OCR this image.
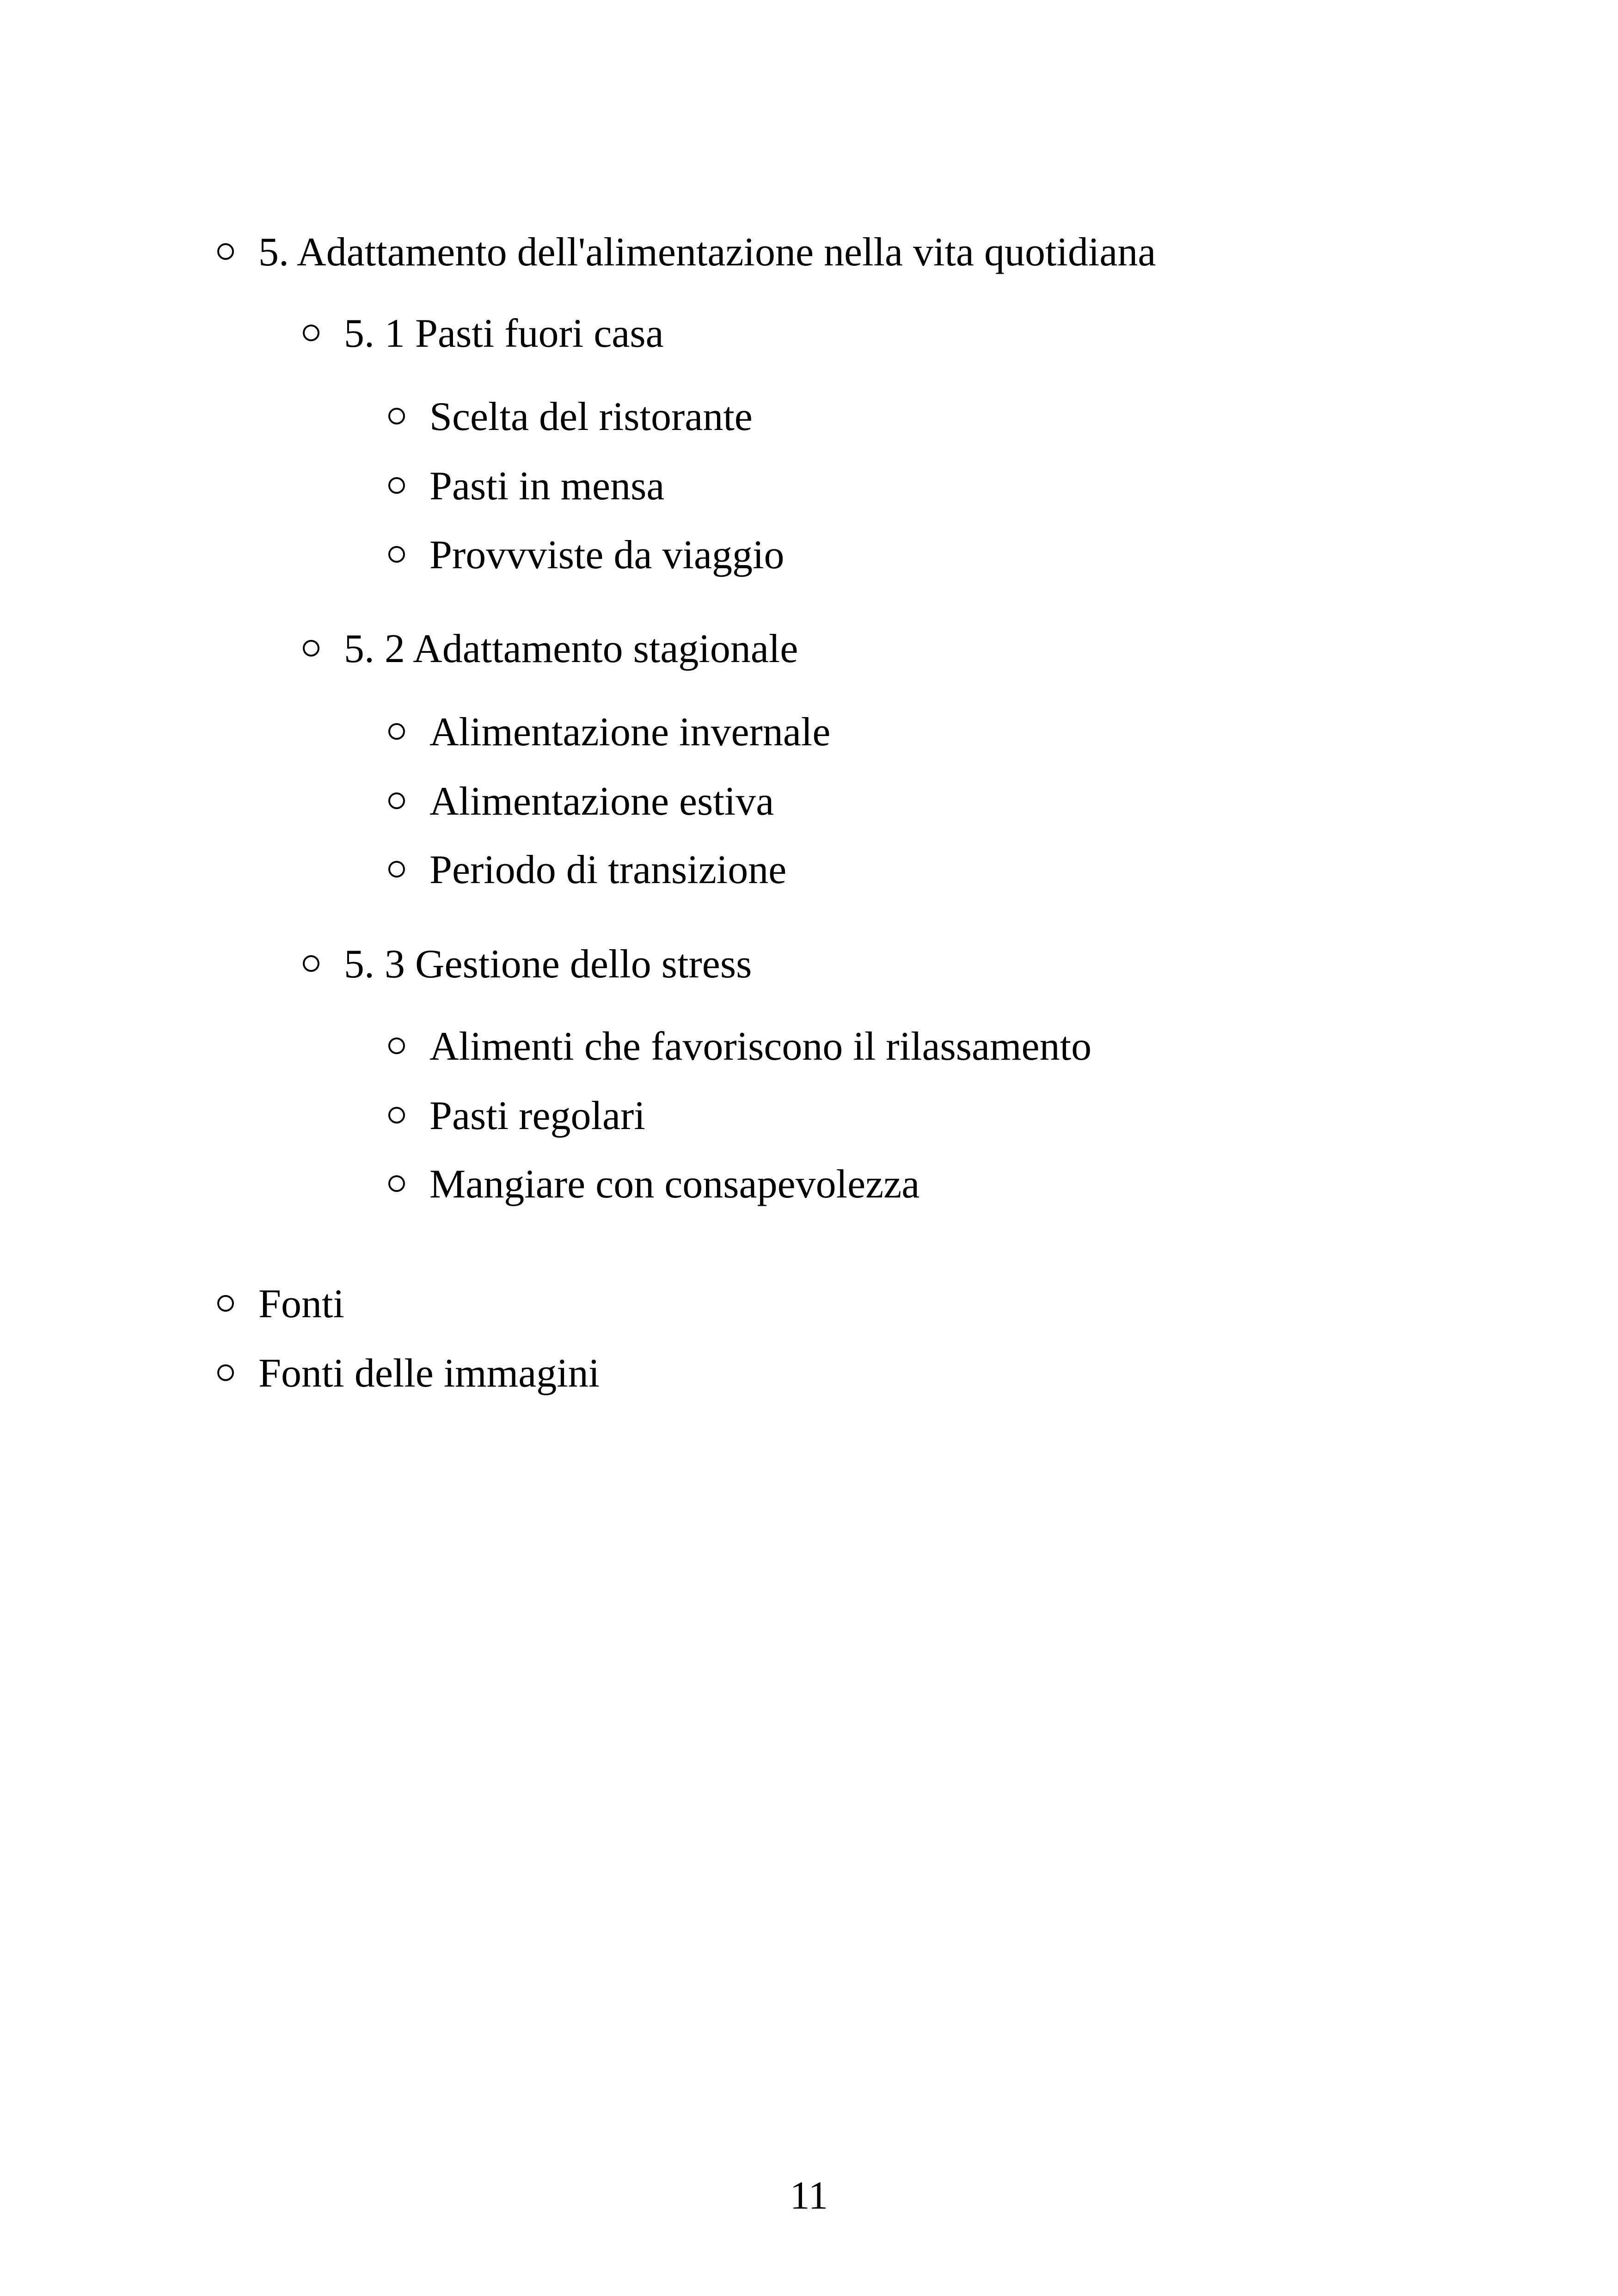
5. Adattamento dell'alimentazione nella vita quotidiana
5. 1 Pasti fuori casa
Scelta del ristorante
Pasti in mensa
Provvviste da viaggio
5. 2 Adattamento stagionale
Alimentazione invernale
Alimentazione estiva
Periodo di transizione
5. 3 Gestione dello stress
Alimenti che favoriscono il rilassamento
Pasti regolari
Mangiare con consapevolezza
Fonti
Fonti delle immagini
11
